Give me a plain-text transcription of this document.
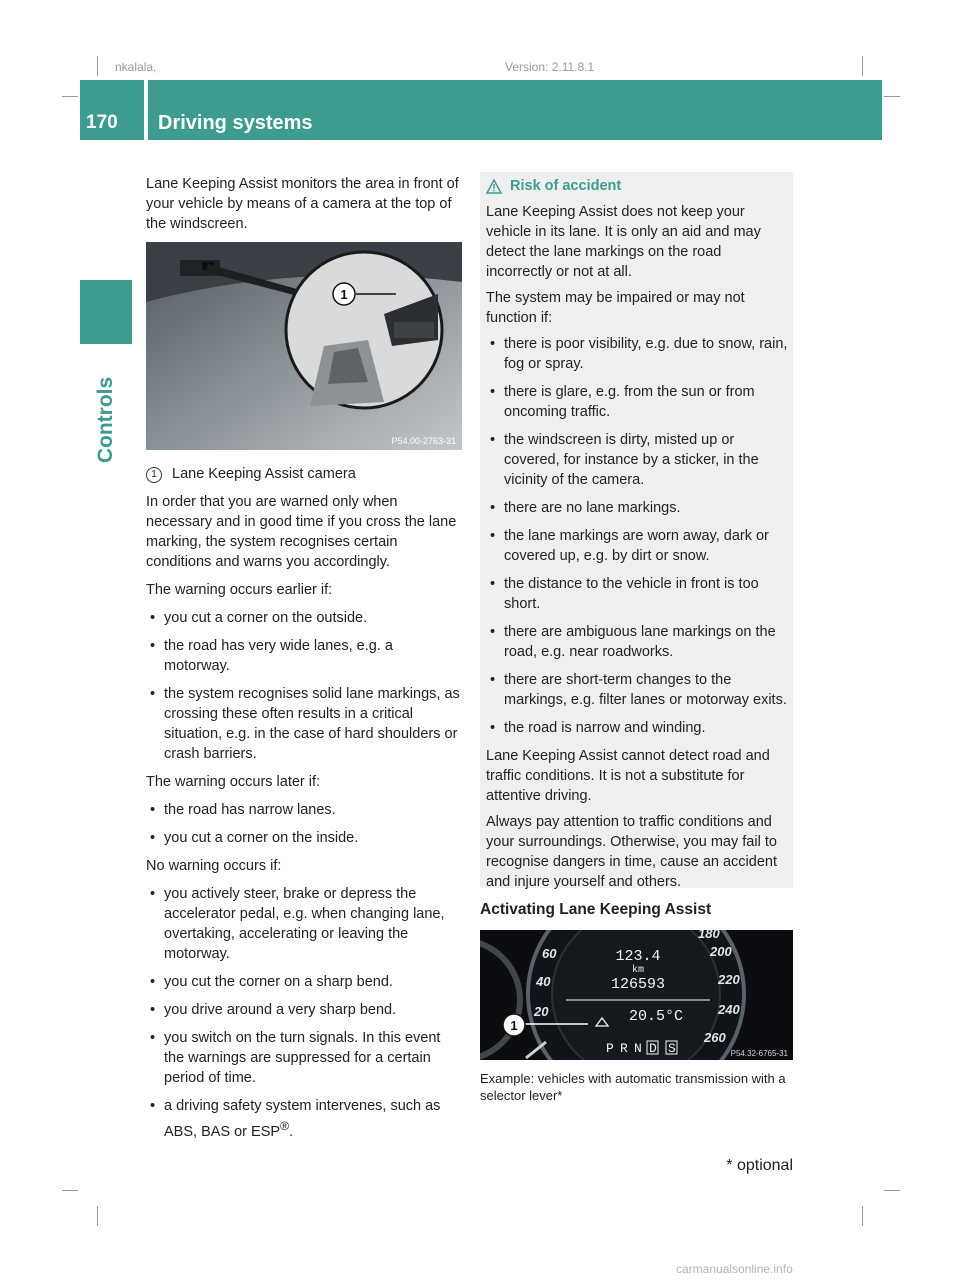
nkalala,	Version: 2.11.8.1
170	Driving systems
Controls

Lane Keeping Assist monitors the area in front of your vehicle by means of a camera at the top of the windscreen.

1
P54.00-2763-31
1	Lane Keeping Assist camera

In order that you are warned only when necessary and in good time if you cross the lane marking, the system recognises certain conditions and warns you accordingly.

The warning occurs earlier if:

• you cut a corner on the outside.
• the road has very wide lanes, e.g. a motorway.
• the system recognises solid lane markings, as crossing these often results in a critical situation, e.g. in the case of hard shoulders or crash barriers.

The warning occurs later if:

• the road has narrow lanes.
• you cut a corner on the inside.

No warning occurs if:

• you actively steer, brake or depress the accelerator pedal, e.g. when changing lane, overtaking, accelerating or leaving the motorway.
• you cut the corner on a sharp bend.
• you drive around a very sharp bend.
• you switch on the turn signals. In this event the warnings are suppressed for a certain period of time.
• a driving safety system intervenes, such as ABS, BAS or ESP®.
Risk of accident

Lane Keeping Assist does not keep your vehicle in its lane. It is only an aid and may detect the lane markings on the road incorrectly or not at all.

The system may be impaired or may not function if:

• there is poor visibility, e.g. due to snow, rain, fog or spray.
• there is glare, e.g. from the sun or from oncoming traffic.
• the windscreen is dirty, misted up or covered, for instance by a sticker, in the vicinity of the camera.
• there are no lane markings.
• the lane markings are worn away, dark or covered up, e.g. by dirt or snow.
• the distance to the vehicle in front is too short.
• there are ambiguous lane markings on the road, e.g. near roadworks.
• there are short-term changes to the markings, e.g. filter lanes or motorway exits.
• the road is narrow and winding.

Lane Keeping Assist cannot detect road and traffic conditions. It is not a substitute for attentive driving.

Always pay attention to traffic conditions and your surroundings. Otherwise, you may fail to recognise dangers in time, cause an accident and injure yourself and others.

Activating Lane Keeping Assist
60
40
20
180
200
220
240
260
123.4
km
126593
20.5°C
1
P R N D S	P54.32-6765-31
Example: vehicles with automatic transmission with a selector lever*
* optional
carmanualsonline.info
